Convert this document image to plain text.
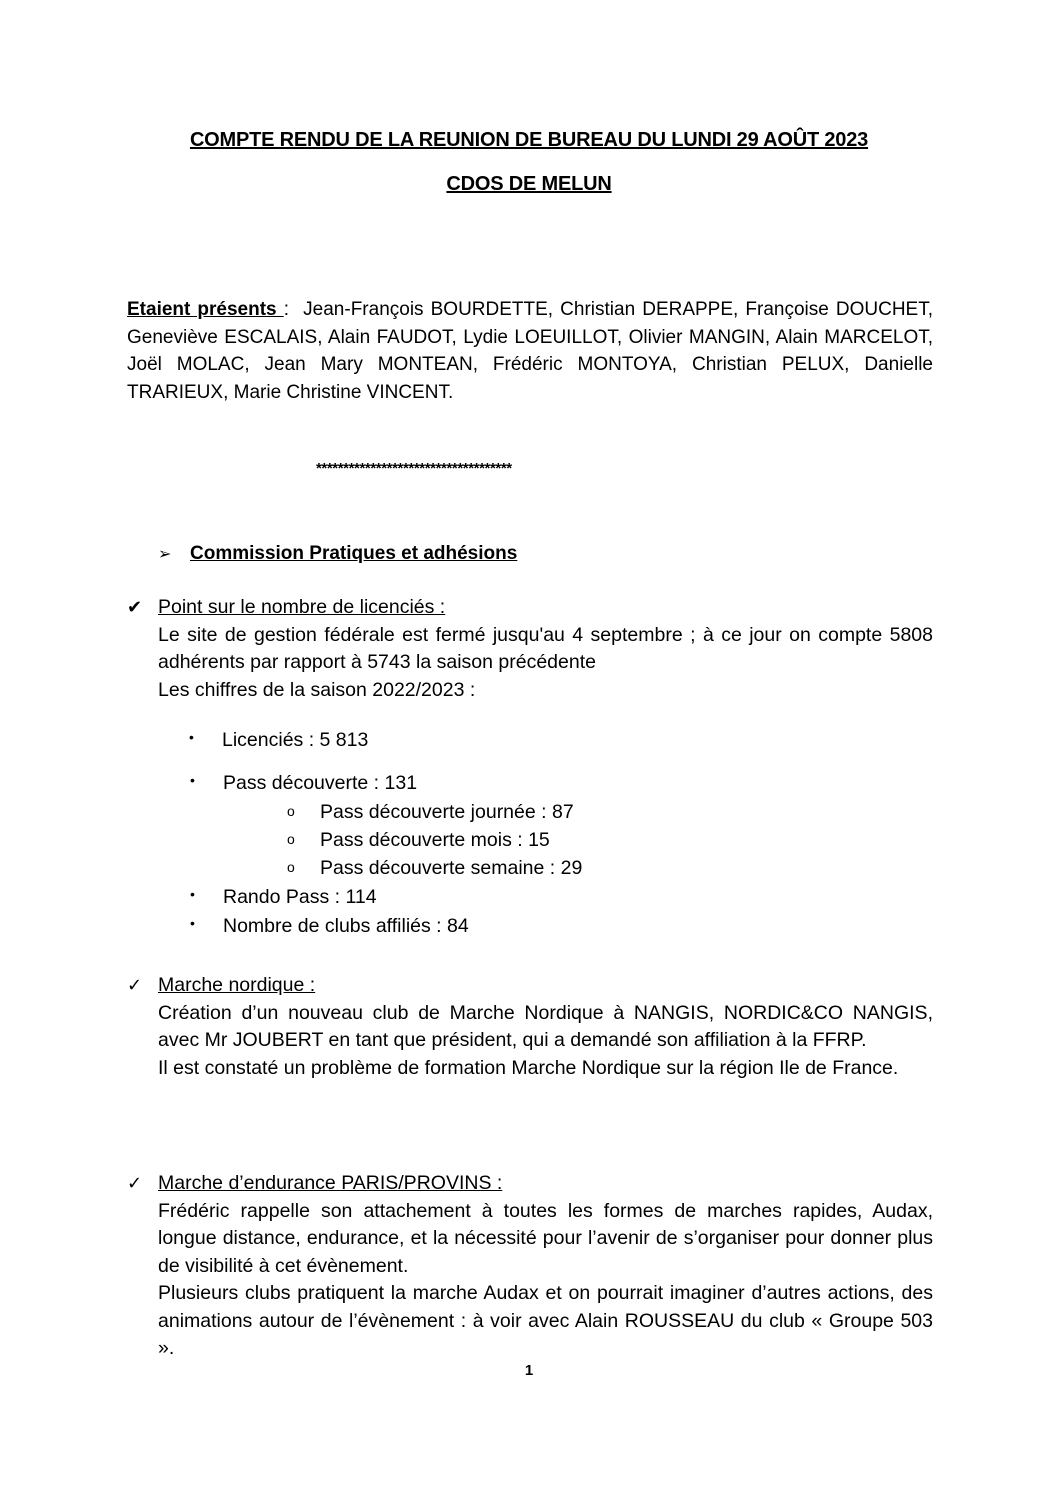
COMPTE RENDU DE LA REUNION DE BUREAU DU LUNDI 29 AOÛT 2023
CDOS DE MELUN
Etaient présents : Jean-François BOURDETTE, Christian DERAPPE, Françoise DOUCHET, Geneviève ESCALAIS, Alain FAUDOT, Lydie LOEUILLOT, Olivier MANGIN, Alain MARCELOT, Joël MOLAC, Jean Mary MONTEAN, Frédéric MONTOYA, Christian PELUX, Danielle TRARIEUX, Marie Christine VINCENT.
************************************
➢ Commission Pratiques et adhésions
✔ Point sur le nombre de licenciés :

Le site de gestion fédérale est fermé jusqu'au 4 septembre ; à ce jour on compte 5808 adhérents par rapport à 5743 la saison précédente

Les chiffres de la saison 2022/2023 :

• Licenciés : 5 813
• Pass découverte : 131
o Pass découverte journée : 87
o Pass découverte mois : 15
o Pass découverte semaine : 29
• Rando Pass : 114
• Nombre de clubs affiliés : 84
✓ Marche nordique :

Création d’un nouveau club de Marche Nordique à NANGIS, NORDIC&CO NANGIS, avec Mr JOUBERT en tant que président, qui a demandé son affiliation à la FFRP.

Il est constaté un problème de formation Marche Nordique sur la région Ile de France.

✓ Marche d’endurance PARIS/PROVINS :

Frédéric rappelle son attachement à toutes les formes de marches rapides, Audax, longue distance, endurance, et la nécessité pour l’avenir de s’organiser pour donner plus de visibilité à cet évènement.

Plusieurs clubs pratiquent la marche Audax et on pourrait imaginer d’autres actions, des animations autour de l’évènement : à voir avec Alain ROUSSEAU du club « Groupe 503 ».

1
